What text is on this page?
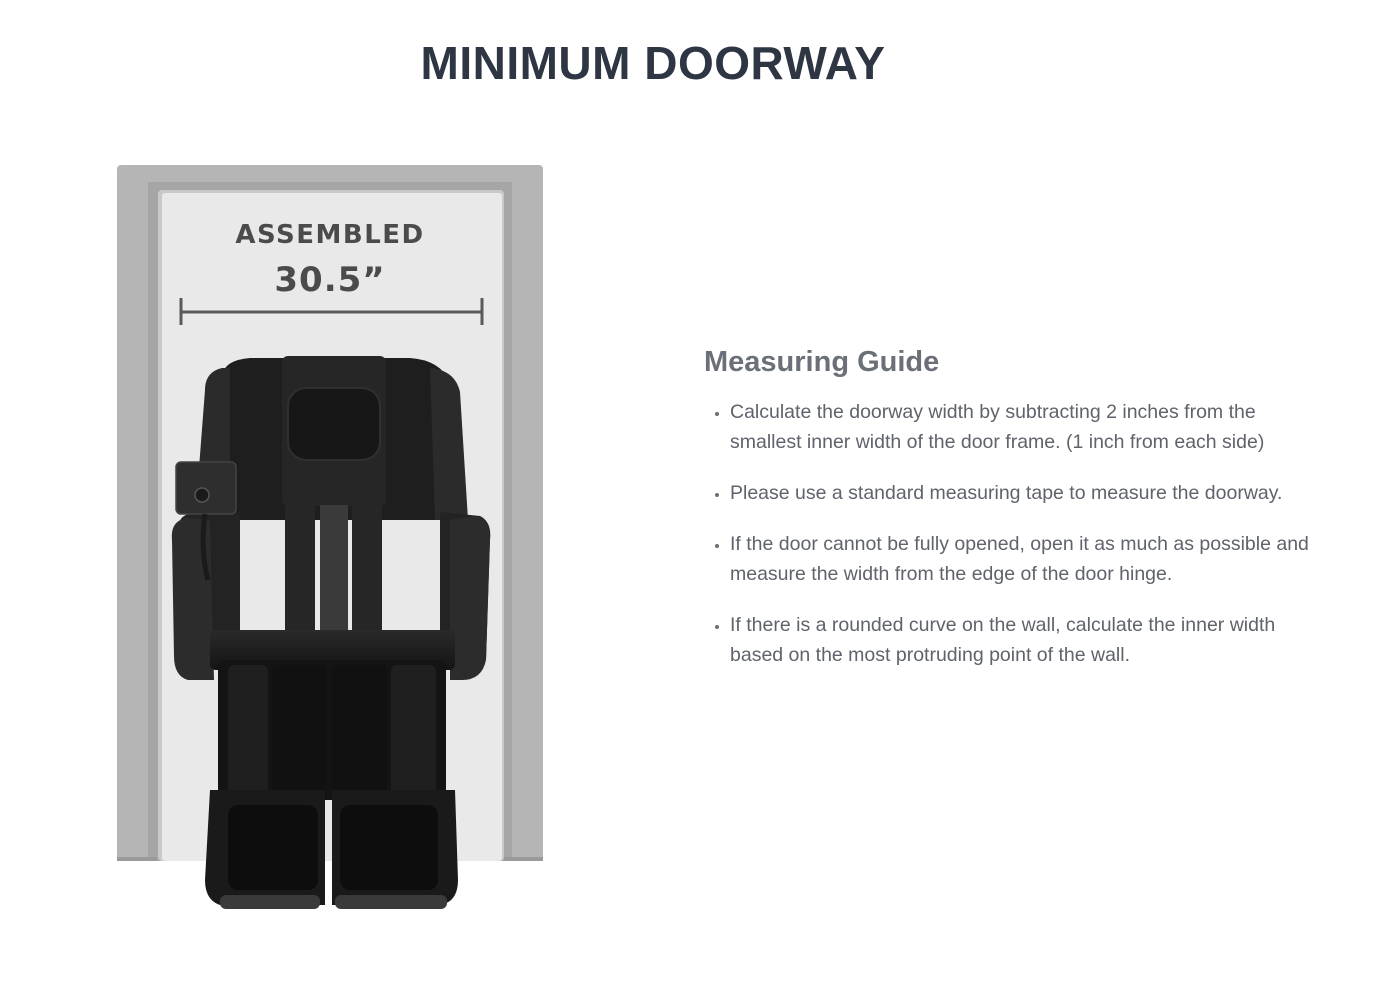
MINIMUM DOORWAY
ASSEMBLED
30.5”
Measuring Guide
• Calculate the doorway width by subtracting 2 inches from the smallest inner width of the door frame. (1 inch from each side)
• Please use a standard measuring tape to measure the doorway.
• If the door cannot be fully opened, open it as much as possible and measure the width from the edge of the door hinge.
• If there is a rounded curve on the wall, calculate the inner width based on the most protruding point of the wall.
